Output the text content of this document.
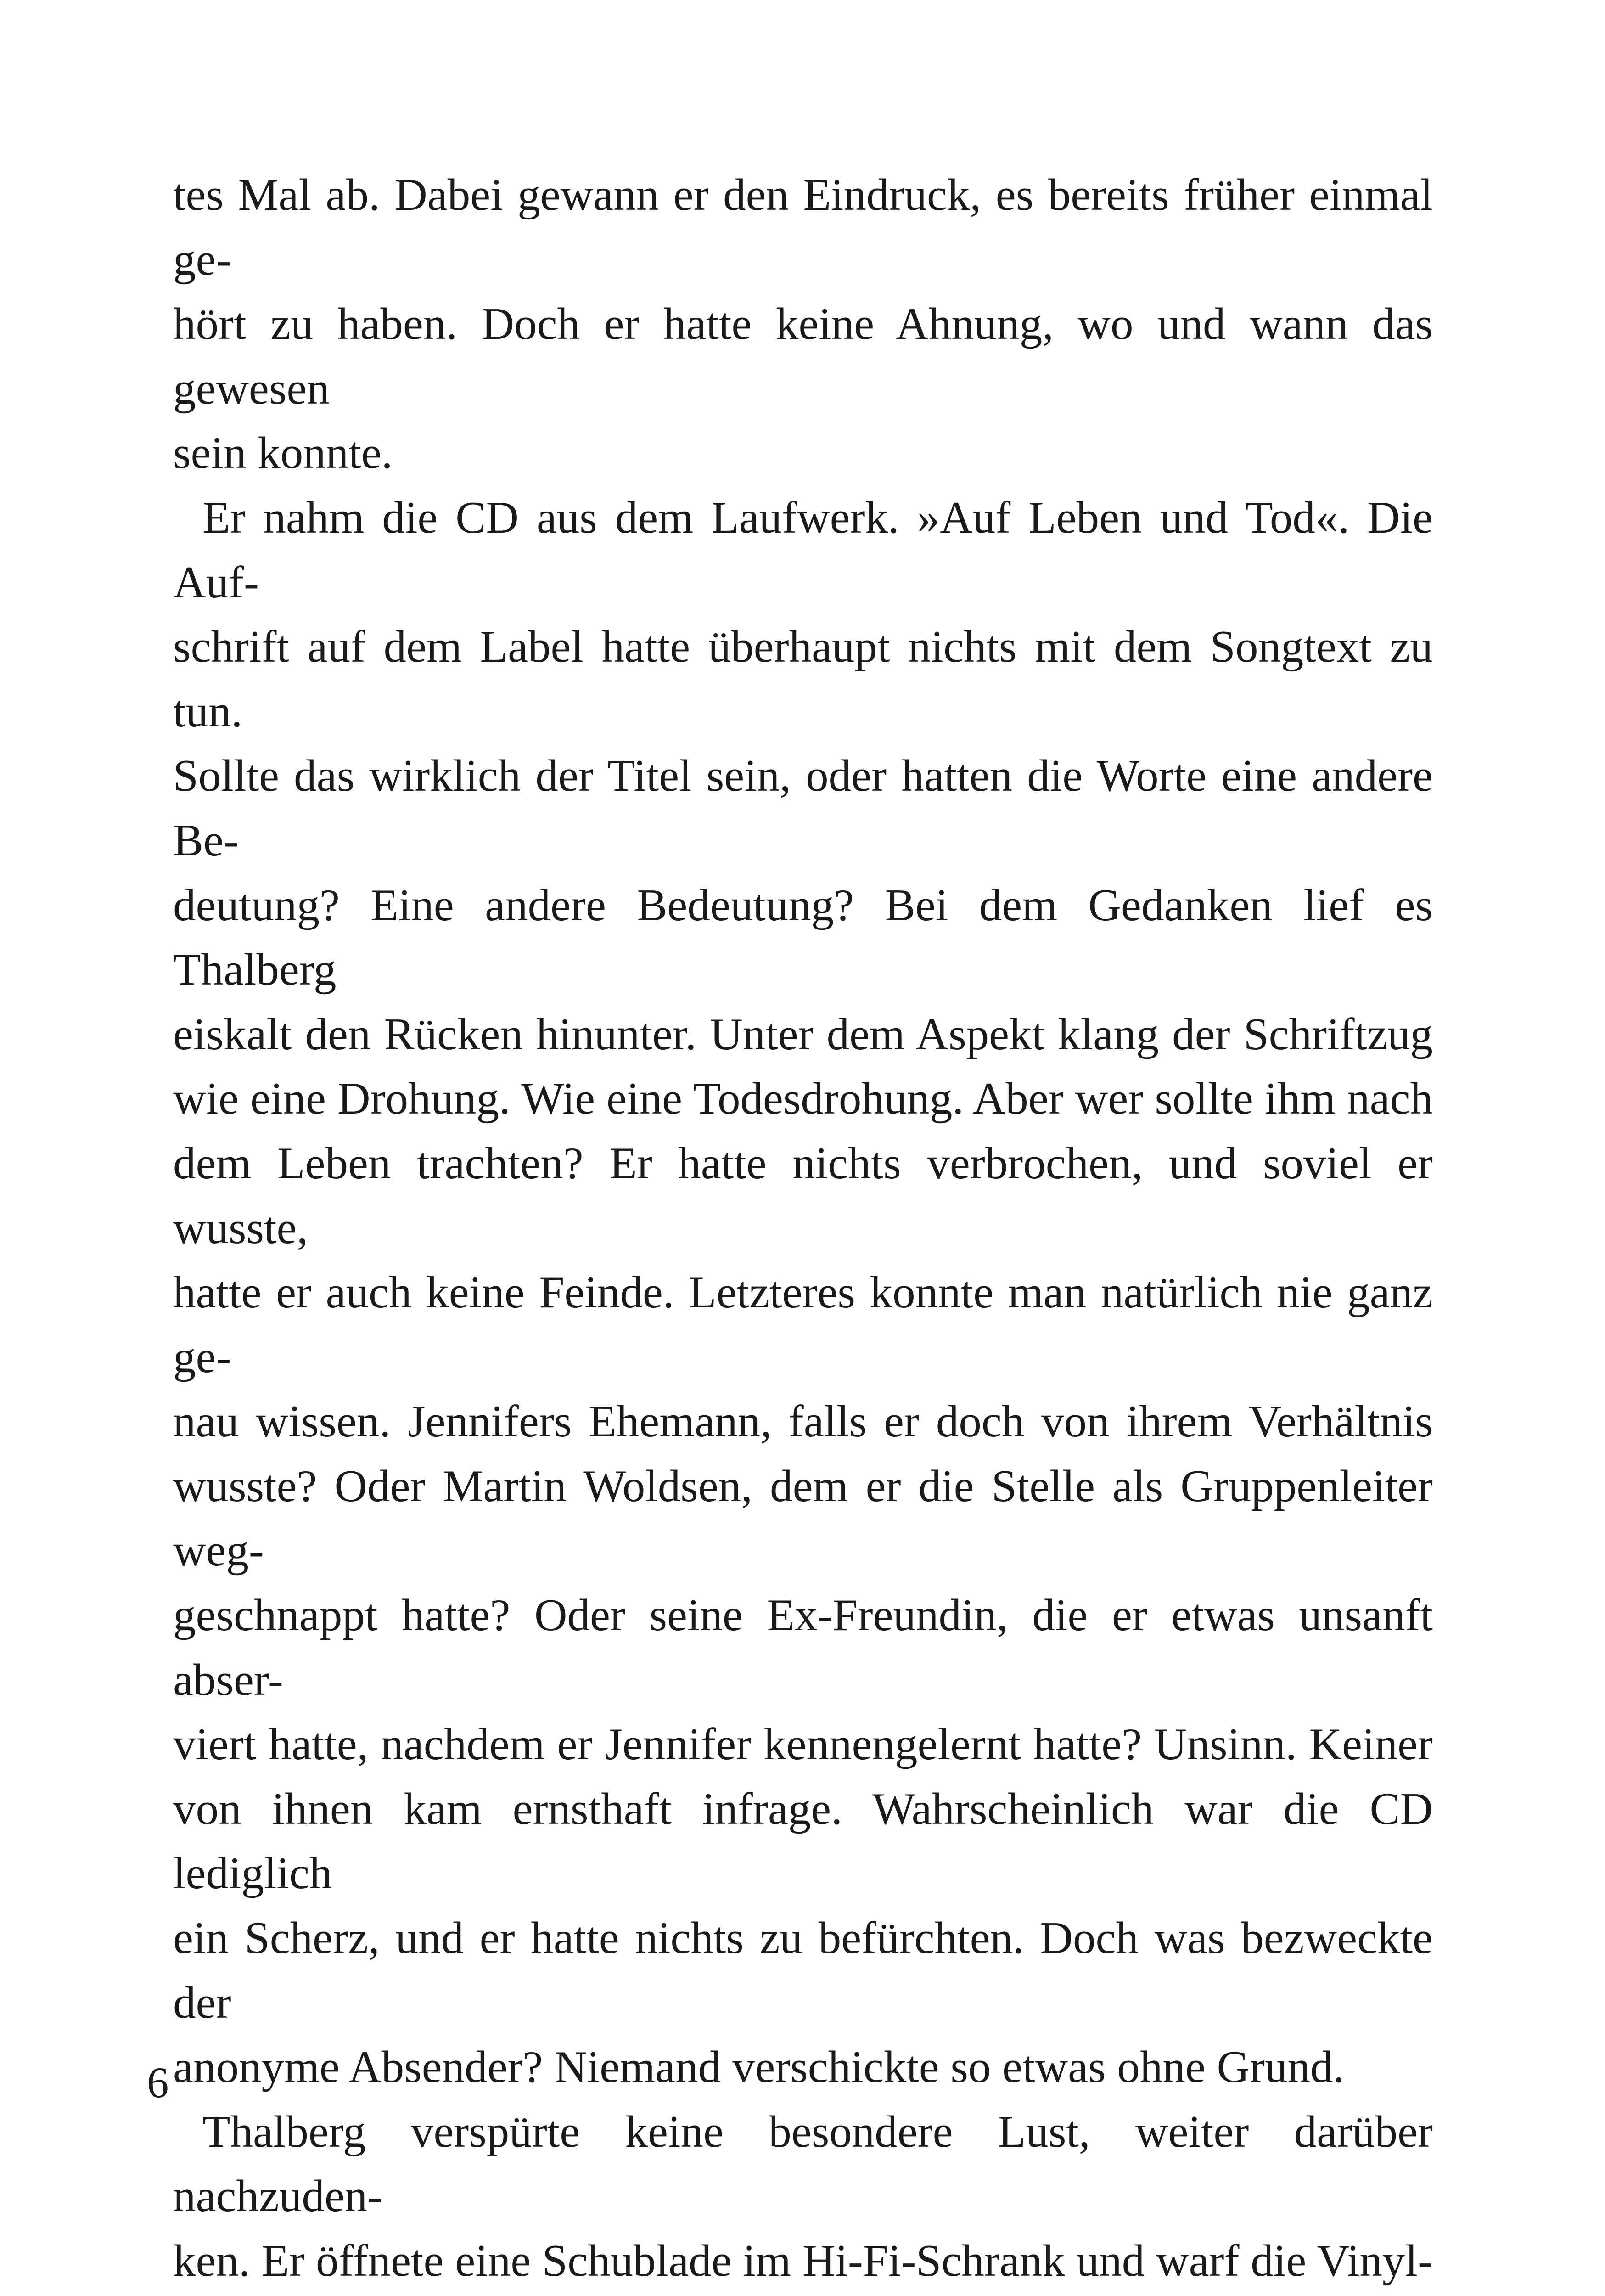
tes Mal ab. Dabei gewann er den Eindruck, es bereits früher einmal ge-
hört zu haben. Doch er hatte keine Ahnung, wo und wann das gewesen
sein konnte.

Er nahm die CD aus dem Laufwerk. »Auf Leben und Tod«. Die Auf-
schrift auf dem Label hatte überhaupt nichts mit dem Songtext zu tun.
Sollte das wirklich der Titel sein, oder hatten die Worte eine andere Be-
deutung? Eine andere Bedeutung? Bei dem Gedanken lief es Thalberg
eiskalt den Rücken hinunter. Unter dem Aspekt klang der Schriftzug
wie eine Drohung. Wie eine Todesdrohung. Aber wer sollte ihm nach
dem Leben trachten? Er hatte nichts verbrochen, und soviel er wusste,
hatte er auch keine Feinde. Letzteres konnte man natürlich nie ganz ge-
nau wissen. Jennifers Ehemann, falls er doch von ihrem Verhältnis
wusste? Oder Martin Woldsen, dem er die Stelle als Gruppenleiter weg-
geschnappt hatte? Oder seine Ex-Freundin, die er etwas unsanft abser-
viert hatte, nachdem er Jennifer kennengelernt hatte? Unsinn. Keiner
von ihnen kam ernsthaft infrage. Wahrscheinlich war die CD lediglich
ein Scherz, und er hatte nichts zu befürchten. Doch was bezweckte der
anonyme Absender? Niemand verschickte so etwas ohne Grund.

Thalberg verspürte keine besondere Lust, weiter darüber nachzuden-
ken. Er öffnete eine Schublade im Hi-Fi-Schrank und warf die Vinyl-

6
